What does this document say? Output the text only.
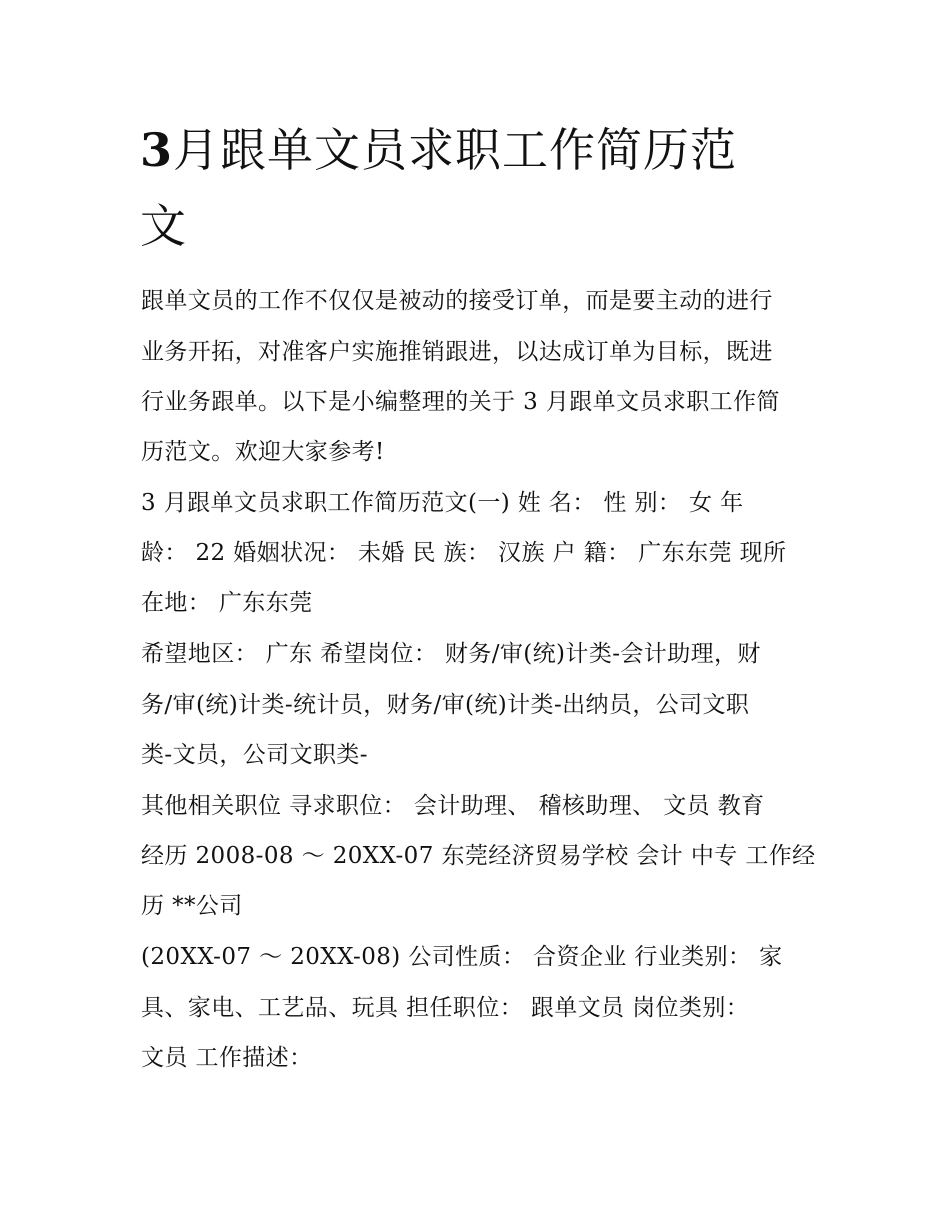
3月跟单文员求职工作简历范
文

跟单文员的工作不仅仅是被动的接受订单，而是要主动的进行

业务开拓，对准客户实施推销跟进，以达成订单为目标，既进

行业务跟单。以下是小编整理的关于 3 月跟单文员求职工作简

历范文。欢迎大家参考!

3 月跟单文员求职工作简历范文(一) 姓 名： 性 别： 女 年

龄： 22 婚姻状况： 未婚 民 族： 汉族 户 籍： 广东东莞 现所

在地： 广东东莞

希望地区： 广东 希望岗位： 财务/审(统)计类-会计助理，财

务/审(统)计类-统计员，财务/审(统)计类-出纳员，公司文职

类-文员，公司文职类-

其他相关职位 寻求职位： 会计助理、 稽核助理、 文员 教育

经历 2008-08 ～ 20XX-07 东莞经济贸易学校 会计 中专 工作经

历 **公司

(20XX-07 ～ 20XX-08) 公司性质： 合资企业 行业类别： 家

具、家电、工艺品、玩具 担任职位： 跟单文员 岗位类别：

文员 工作描述：
